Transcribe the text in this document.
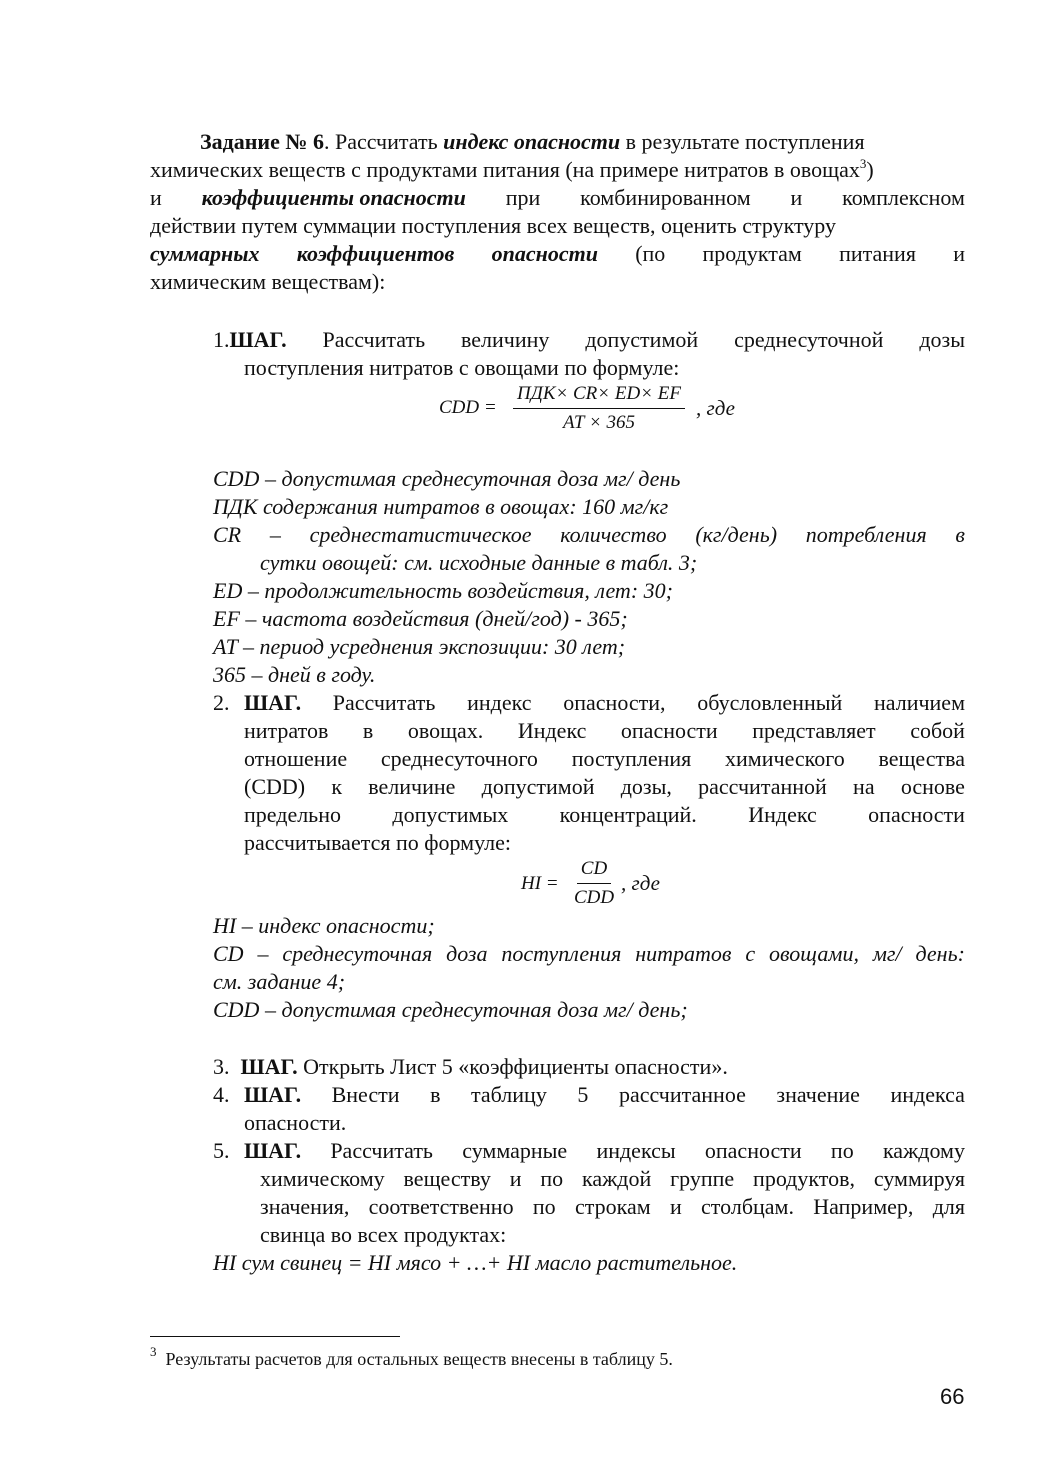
Задание № 6. Рассчитать индекс опасности в результате поступления
химических веществ с продуктами питания (на примере нитратов в овощах$^3$)
и коэффициенты опасности при комбинированном и комплексном
действии путем суммации поступления всех веществ, оценить структуру
суммарных коэффициентов опасности (по продуктам питания и
химическим веществам):
1.ШАГ. Рассчитать величину допустимой среднесуточной дозы
поступления нитратов с овощами по формуле:
CDD =
ПДК× CR× ED× EF
AT × 365
, где
CDD – допустимая среднесуточная доза мг/ день
ПДК содержания нитратов в овощах: 160 мг/кг
CR – среднестатистическое количество (кг/день) потребления в
сутки овощей: см. исходные данные в табл. 3;
ED – продолжительность воздействия, лет: 30;
EF – частота воздействия (дней/год) - 365;
AT – период усреднения экспозиции: 30 лет;
365 – дней в году.
2. ШАГ. Рассчитать индекс опасности, обусловленный наличием
нитратов в овощах. Индекс опасности представляет собой
отношение среднесуточного поступления химического вещества
(CDD) к величине допустимой дозы, рассчитанной на основе
предельно допустимых концентраций. Индекс опасности
рассчитывается по формуле:
HI =
CD
CDD
, где
HI – индекс опасности;
CD – среднесуточная доза поступления нитратов с овощами, мг/ день:
см. задание 4;
CDD – допустимая среднесуточная доза мг/ день;
3. ШАГ. Открыть Лист 5 «коэффициенты опасности».
4. ШАГ. Внести в таблицу 5 рассчитанное значение индекса
опасности.
5. ШАГ. Рассчитать суммарные индексы опасности по каждому
химическому веществу и по каждой группе продуктов, суммируя
значения, соответственно по строкам и столбцам. Например, для
свинца во всех продуктах:
HI сум свинец = HI мясо + …+ HI масло растительное.
$^3$ Результаты расчетов для остальных веществ внесены в таблицу 5.
66
